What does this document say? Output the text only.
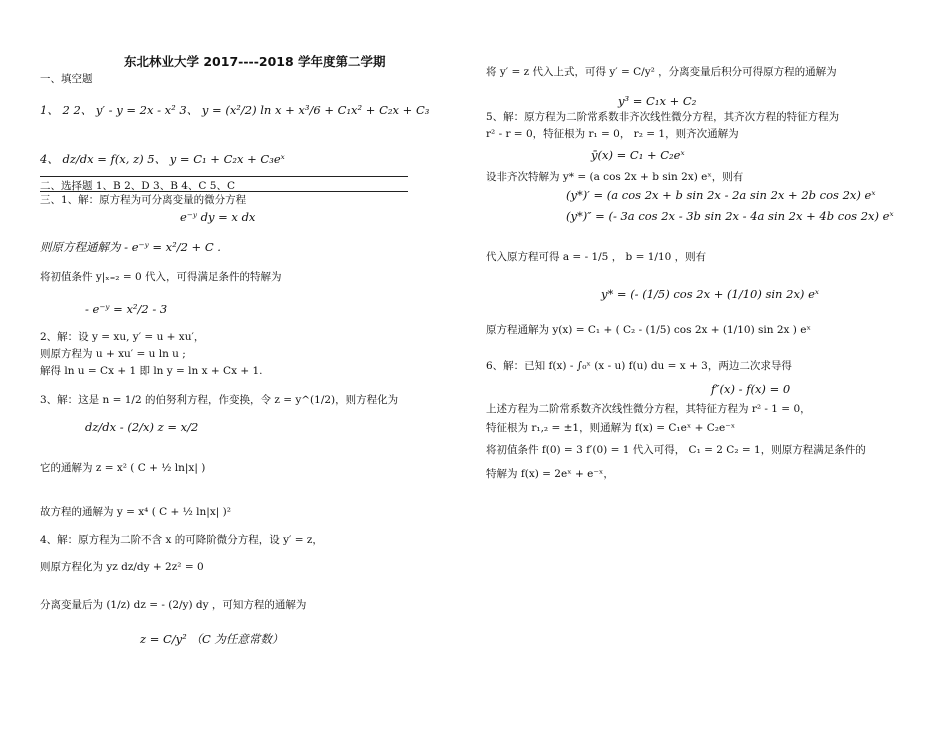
东北林业大学 2017----2018 学年度第二学期
一、填空题
1、 2 2、 y′ - y = 2x - x² 3、 y = (x²/2) ln x + x³/6 + C₁x² + C₂x + C₃
4、 dz/dx = f(x, z) 5、 y = C₁ + C₂x + C₃eˣ
二、选择题 1、B 2、D 3、B 4、C 5、C
三、1、解：原方程为可分离变量的微分方程
e⁻ʸ dy = x dx
则原方程通解为 - e⁻ʸ = x²/2 + C .
将初值条件 y|ₓ₌₂ = 0 代入，可得满足条件的特解为
- e⁻ʸ = x²/2 - 3
2、解：设 y = xu, y′ = u + xu′，
则原方程为 u + xu′ = u ln u ;
解得 ln u = Cx + 1 即 ln y = ln x + Cx + 1.
3、解：这是 n = 1/2 的伯努利方程，作变换，令 z = y^(1/2)，则方程化为
dz/dx - (2/x) z = x/2
它的通解为 z = x² ( C + ½ ln|x| )
故方程的通解为 y = x⁴ ( C + ½ ln|x| )²
4、解：原方程为二阶不含 x 的可降阶微分方程，设 y′ = z，
则原方程化为 yz dz/dy + 2z² = 0
分离变量后为 (1/z) dz = - (2/y) dy ，可知方程的通解为
z = C/y² （C 为任意常数）
将 y′ = z 代入上式，可得 y′ = C/y² ，分离变量后积分可得原方程的通解为
y³ = C₁x + C₂
5、解：原方程为二阶常系数非齐次线性微分方程，其齐次方程的特征方程为
r² - r = 0，特征根为 r₁ = 0， r₂ = 1，则齐次通解为
ȳ(x) = C₁ + C₂eˣ
设非齐次特解为 y* = (a cos 2x + b sin 2x) eˣ，则有
(y*)′ = (a cos 2x + b sin 2x - 2a sin 2x + 2b cos 2x) eˣ
(y*)″ = (- 3a cos 2x - 3b sin 2x - 4a sin 2x + 4b cos 2x) eˣ
代入原方程可得 a = - 1/5 ， b = 1/10 ，则有
y* = (- (1/5) cos 2x + (1/10) sin 2x) eˣ
原方程通解为 y(x) = C₁ + ( C₂ - (1/5) cos 2x + (1/10) sin 2x ) eˣ
6、解：已知 f(x) - ∫₀ˣ (x - u) f(u) du = x + 3，两边二次求导得
f″(x) - f(x) = 0
上述方程为二阶常系数齐次线性微分方程，其特征方程为 r² - 1 = 0，
特征根为 r₁,₂ = ±1，则通解为 f(x) = C₁eˣ + C₂e⁻ˣ
将初值条件 f(0) = 3 f′(0) = 1 代入可得， C₁ = 2 C₂ = 1，则原方程满足条件的
特解为 f(x) = 2eˣ + e⁻ˣ，
